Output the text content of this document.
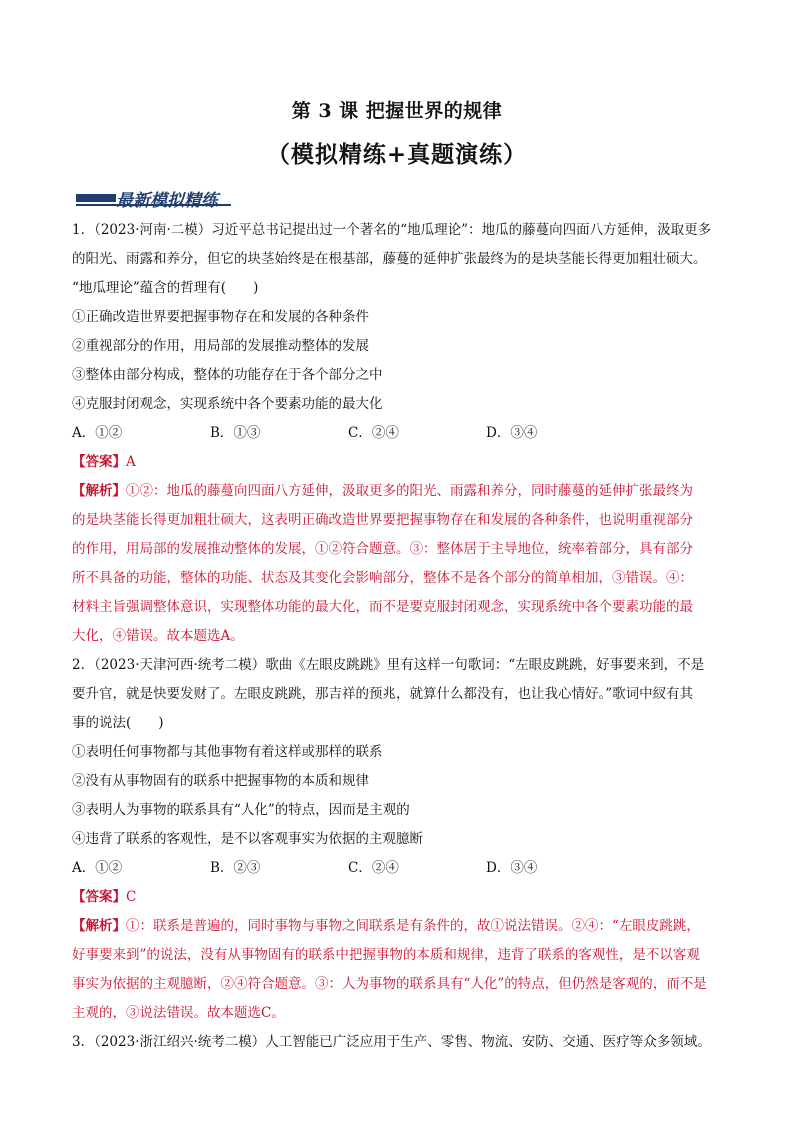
第 3 课 把握世界的规律
（模拟精练+真题演练）
最新模拟精练

1．（2023·河南·二模）习近平总书记提出过一个著名的“地瓜理论”：地瓜的藤蔓向四面八方延伸，汲取更多

的阳光、雨露和养分，但它的块茎始终是在根基部，藤蔓的延伸扩张最终为的是块茎能长得更加粗壮硕大。

“地瓜理论”蕴含的哲理有(　　)

①正确改造世界要把握事物存在和发展的各种条件

②重视部分的作用，用局部的发展推动整体的发展

③整体由部分构成，整体的功能存在于各个部分之中

④克服封闭观念，实现系统中各个要素功能的最大化

A．①②	B．①③	C．②④	D．③④

【答案】A

【解析】①②：地瓜的藤蔓向四面八方延伸，汲取更多的阳光、雨露和养分，同时藤蔓的延伸扩张最终为

的是块茎能长得更加粗壮硕大，这表明正确改造世界要把握事物存在和发展的各种条件，也说明重视部分

的作用，用局部的发展推动整体的发展，①②符合题意。③：整体居于主导地位，统率着部分，具有部分

所不具备的功能，整体的功能、状态及其变化会影响部分，整体不是各个部分的简单相加，③错误。④：

材料主旨强调整体意识，实现整体功能的最大化，而不是要克服封闭观念，实现系统中各个要素功能的最

大化，④错误。故本题选A。

2．（2023·天津河西·统考二模）歌曲《左眼皮跳跳》里有这样一句歌词：“左眼皮跳跳，好事要来到，不是

要升官，就是快要发财了。左眼皮跳跳，那吉祥的预兆，就算什么都没有，也让我心情好。”歌词中紁有其

事的说法(　　)

①表明任何事物都与其他事物有着这样或那样的联系

②没有从事物固有的联系中把握事物的本质和规律

③表明人为事物的联系具有“人化”的特点，因而是主观的

④违背了联系的客观性，是不以客观事实为依据的主观臆断

A．①②	B．②③	C．②④	D．③④

【答案】C

【解析】①：联系是普遍的，同时事物与事物之间联系是有条件的，故①说法错误。②④：“左眼皮跳跳，

好事要来到”的说法，没有从事物固有的联系中把握事物的本质和规律，违背了联系的客观性，是不以客观

事实为依据的主观臆断，②④符合题意。③：人为事物的联系具有“人化”的特点，但仍然是客观的，而不是

主观的，③说法错误。故本题选C。

3．（2023·浙江绍兴·统考二模）人工智能已广泛应用于生产、零售、物流、安防、交通、医疗等众多领域。
